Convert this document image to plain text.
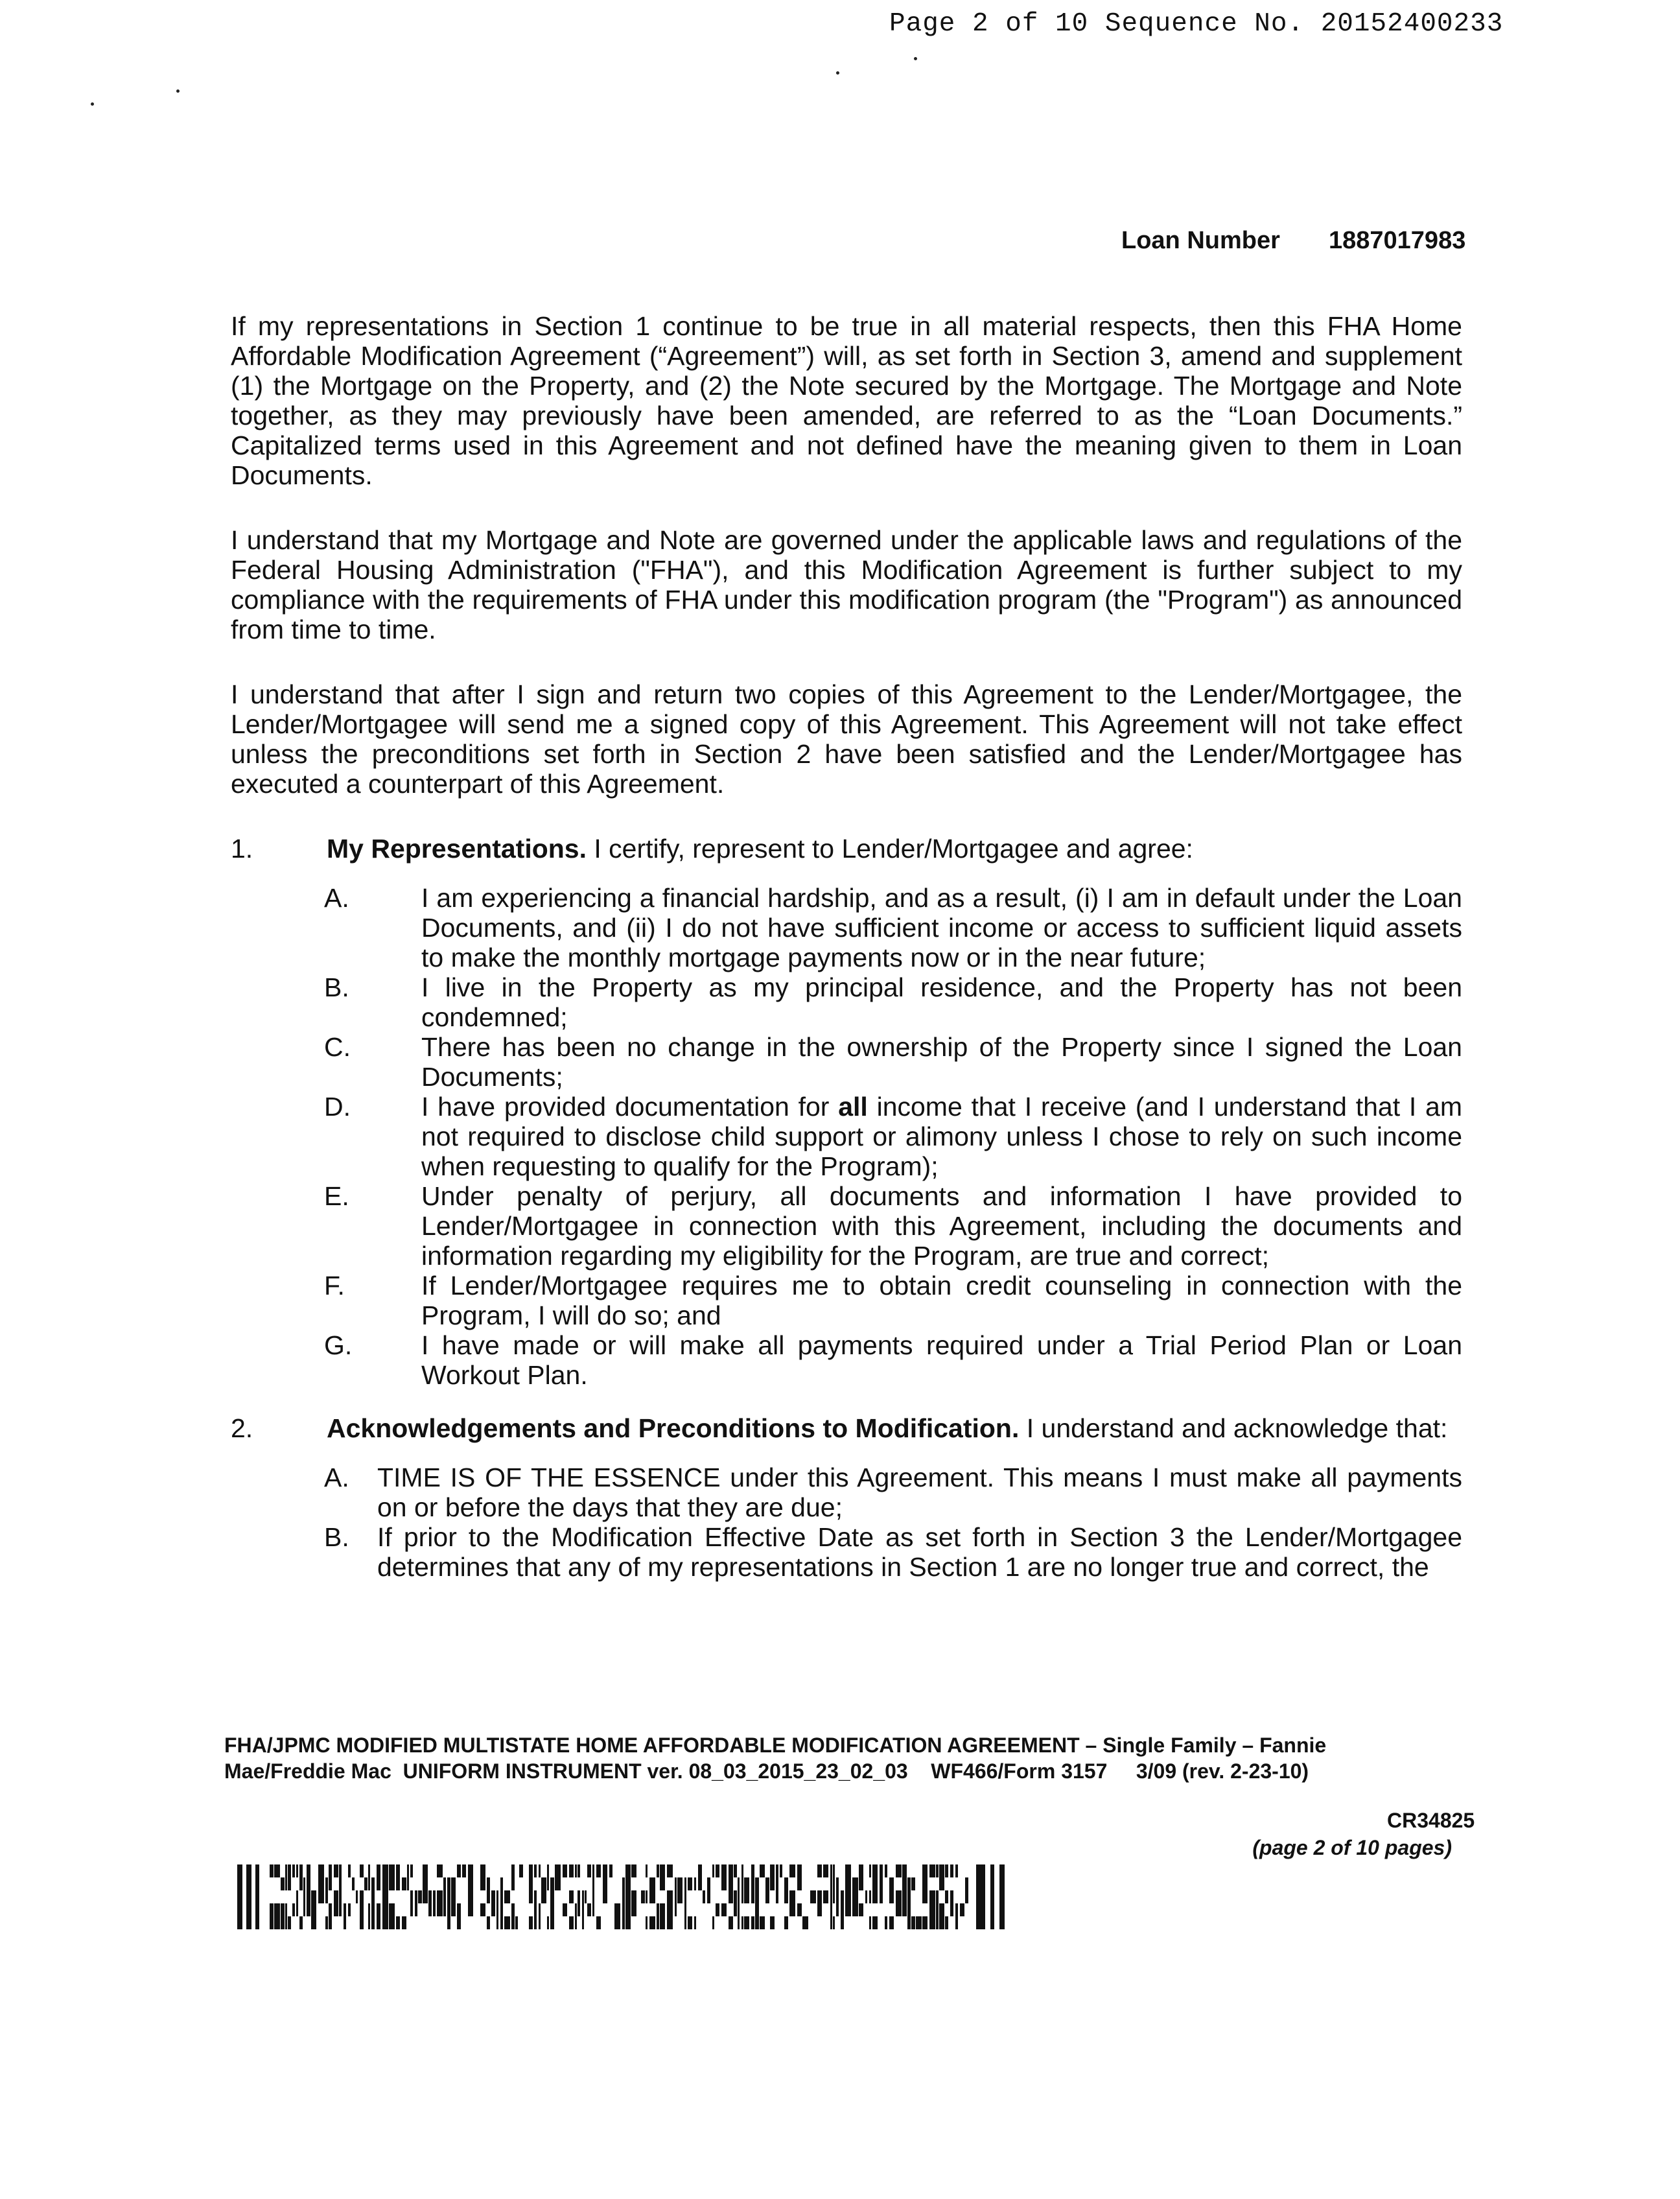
Page 2 of 10 Sequence No. 20152400233
Loan Number 1887017983

If my representations in Section 1 continue to be true in all material respects, then this FHA Home Affordable Modification Agreement (“Agreement”) will, as set forth in Section 3, amend and supplement (1) the Mortgage on the Property, and (2) the Note secured by the Mortgage. The Mortgage and Note together, as they may previously have been amended, are referred to as the “Loan Documents.” Capitalized terms used in this Agreement and not defined have the meaning given to them in Loan Documents.

I understand that my Mortgage and Note are governed under the applicable laws and regulations of the Federal Housing Administration ("FHA"), and this Modification Agreement is further subject to my compliance with the requirements of FHA under this modification program (the "Program") as announced from time to time.

I understand that after I sign and return two copies of this Agreement to the Lender/Mortgagee, the Lender/Mortgagee will send me a signed copy of this Agreement. This Agreement will not take effect unless the preconditions set forth in Section 2 have been satisfied and the Lender/Mortgagee has executed a counterpart of this Agreement.

1.	My Representations. I certify, represent to Lender/Mortgagee and agree:
A.	I am experiencing a financial hardship, and as a result, (i) I am in default under the Loan Documents, and (ii) I do not have sufficient income or access to sufficient liquid assets to make the monthly mortgage payments now or in the near future;
B.	I live in the Property as my principal residence, and the Property has not been condemned;
C.	There has been no change in the ownership of the Property since I signed the Loan Documents;
D.	I have provided documentation for all income that I receive (and I understand that I am not required to disclose child support or alimony unless I chose to rely on such income when requesting to qualify for the Program);
E.	Under penalty of perjury, all documents and information I have provided to Lender/Mortgagee in connection with this Agreement, including the documents and information regarding my eligibility for the Program, are true and correct;
F.	If Lender/Mortgagee requires me to obtain credit counseling in connection with the Program, I will do so; and
G.	I have made or will make all payments required under a Trial Period Plan or Loan Workout Plan.
2.	Acknowledgements and Preconditions to Modification. I understand and acknowledge that:
A. TIME IS OF THE ESSENCE under this Agreement. This means I must make all payments on or before the days that they are due;
B. If prior to the Modification Effective Date as set forth in Section 3 the Lender/Mortgagee determines that any of my representations in Section 1 are no longer true and correct, the
FHA/JPMC MODIFIED MULTISTATE HOME AFFORDABLE MODIFICATION AGREEMENT – Single Family – Fannie
Mae/Freddie Mac  UNIFORM INSTRUMENT ver. 08_03_2015_23_02_03    WF466/Form 3157     3/09 (rev. 2-23-10)
CR34825
(page 2 of 10 pages)
